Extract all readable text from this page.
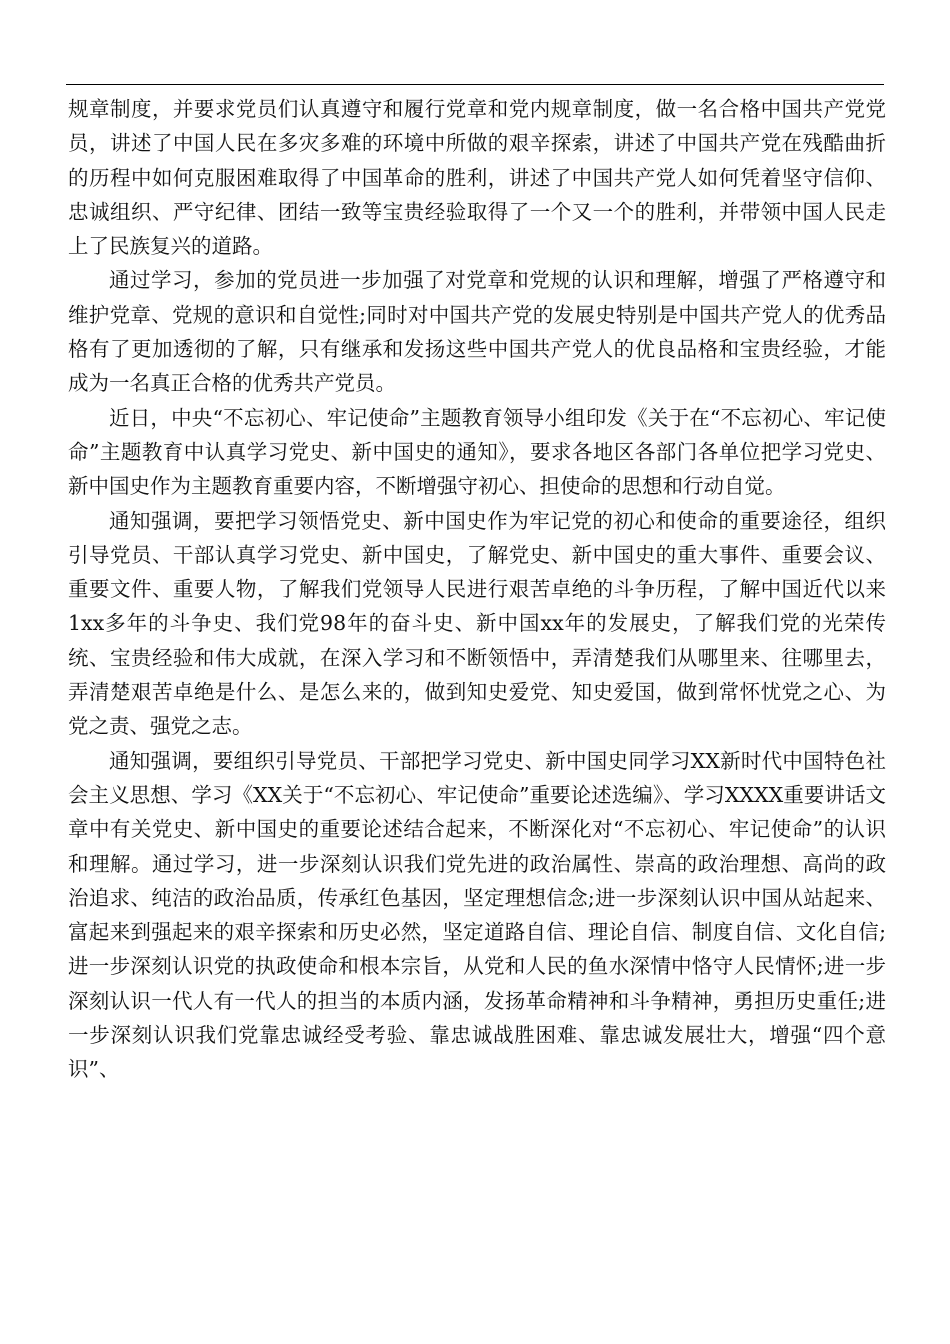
规章制度，并要求党员们认真遵守和履行党章和党内规章制度，做一名合格中国共产党党员，讲述了中国人民在多灾多难的环境中所做的艰辛探索，讲述了中国共产党在残酷曲折的历程中如何克服困难取得了中国革命的胜利，讲述了中国共产党人如何凭着坚守信仰、忠诚组织、严守纪律、团结一致等宝贵经验取得了一个又一个的胜利，并带领中国人民走上了民族复兴的道路。

通过学习，参加的党员进一步加强了对党章和党规的认识和理解，增强了严格遵守和维护党章、党规的意识和自觉性;同时对中国共产党的发展史特别是中国共产党人的优秀品格有了更加透彻的了解，只有继承和发扬这些中国共产党人的优良品格和宝贵经验，才能成为一名真正合格的优秀共产党员。

近日，中央“不忘初心、牢记使命”主题教育领导小组印发《关于在“不忘初心、牢记使命”主题教育中认真学习党史、新中国史的通知》，要求各地区各部门各单位把学习党史、新中国史作为主题教育重要内容，不断增强守初心、担使命的思想和行动自觉。

通知强调，要把学习领悟党史、新中国史作为牢记党的初心和使命的重要途径，组织引导党员、干部认真学习党史、新中国史，了解党史、新中国史的重大事件、重要会议、重要文件、重要人物，了解我们党领导人民进行艰苦卓绝的斗争历程，了解中国近代以来1xx多年的斗争史、我们党98年的奋斗史、新中国xx年的发展史，了解我们党的光荣传统、宝贵经验和伟大成就，在深入学习和不断领悟中，弄清楚我们从哪里来、往哪里去，弄清楚艰苦卓绝是什么、是怎么来的，做到知史爱党、知史爱国，做到常怀忧党之心、为党之责、强党之志。

通知强调，要组织引导党员、干部把学习党史、新中国史同学习XX新时代中国特色社会主义思想、学习《XX关于“不忘初心、牢记使命”重要论述选编》、学习XXXX重要讲话文章中有关党史、新中国史的重要论述结合起来，不断深化对“不忘初心、牢记使命”的认识和理解。通过学习，进一步深刻认识我们党先进的政治属性、崇高的政治理想、高尚的政治追求、纯洁的政治品质，传承红色基因，坚定理想信念;进一步深刻认识中国从站起来、富起来到强起来的艰辛探索和历史必然，坚定道路自信、理论自信、制度自信、文化自信;进一步深刻认识党的执政使命和根本宗旨，从党和人民的鱼水深情中恪守人民情怀;进一步深刻认识一代人有一代人的担当的本质内涵，发扬革命精神和斗争精神，勇担历史重任;进一步深刻认识我们党靠忠诚经受考验、靠忠诚战胜困难、靠忠诚发展壮大，增强“四个意识”、
